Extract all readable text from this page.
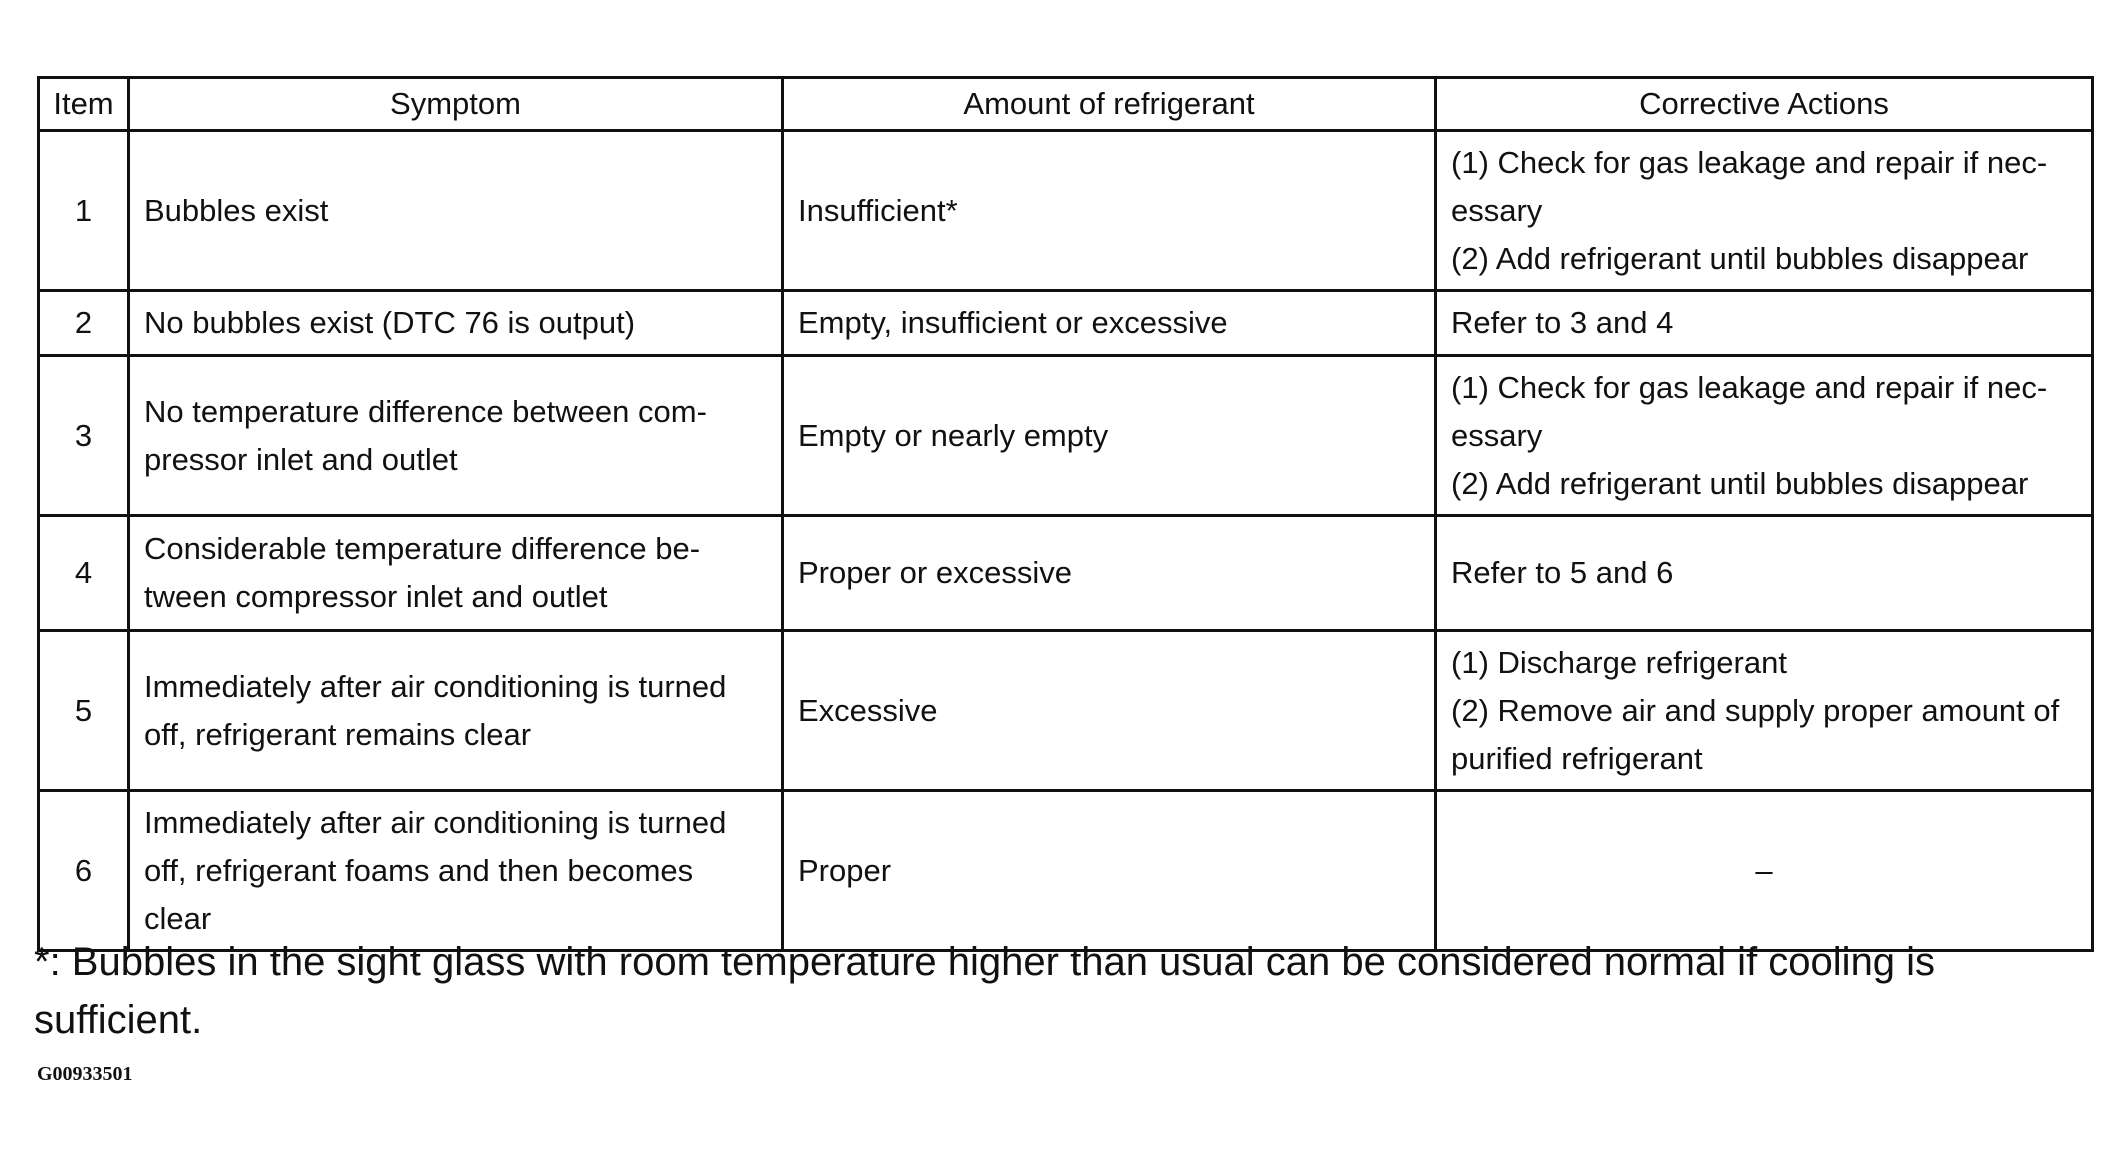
Item	Symptom	Amount of refrigerant	Corrective Actions
1	Bubbles exist	Insufficient*	(1) Check for gas leakage and repair if nec-
essary
(2) Add refrigerant until bubbles disappear

2	No bubbles exist (DTC 76 is output)	Empty, insufficient or excessive	Refer to 3 and 4

3	No temperature difference between com- pressor inlet and outlet	Empty or nearly empty	(1) Check for gas leakage and repair if nec-
essary
(2) Add refrigerant until bubbles disappear

4	Considerable temperature difference be- tween compressor inlet and outlet	Proper or excessive	Refer to 5 and 6

5	Immediately after air conditioning is turned off, refrigerant remains clear	Excessive	(1) Discharge refrigerant
(2) Remove air and supply proper amount of
purified refrigerant

6	Immediately after air conditioning is turned off, refrigerant foams and then becomes clear	Proper	–
*: Bubbles in the sight glass with room temperature higher than usual can be considered normal if cooling is sufficient.
G00933501
